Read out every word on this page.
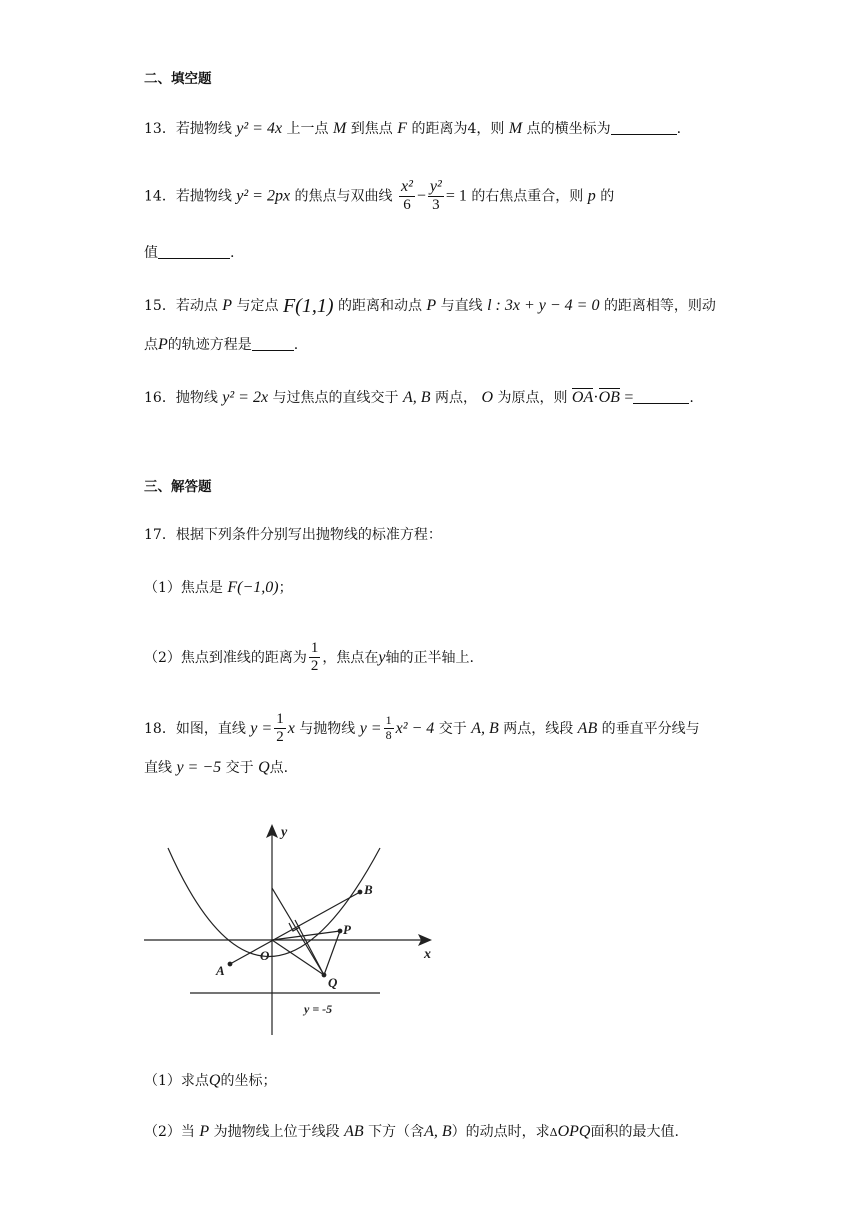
二、填空题
13．若抛物线 y² = 4x 上一点 M 到焦点 F 的距离为4，则 M 点的横坐标为	.
14．若抛物线 y² = 2px 的焦点与双曲线 $\frac{\text{x²}}{6} - \frac{\text{y²}}{3} = 1$ 的右焦点重合，则 p 的
值	.
15．若动点 P 与定点 F(1,1) 的距离和动点 P 与直线 l : 3x + y − 4 = 0 的距离相等，则动
点P的轨迹方程是	.
16．抛物线 y² = 2x 与过焦点的直线交于 A, B 两点， O 为原点，则 OA·OB =	.
三、解答题
17．根据下列条件分别写出抛物线的标准方程：
（1）焦点是 F(−1,0)；
（2）焦点到准线的距离为 $\frac{1}{2}$ ，焦点在y轴的正半轴上.
18．如图，直线 $y = \frac{1}{2}$ x 与抛物线 $y = \frac{1}{8} x^2 - 4$ 交于 A, B 两点，线段 AB 的垂直平分线与
直线 y = −5 交于 Q点.
y
x
O
A
B
P
Q
y = -5
（1）求点Q的坐标；
（2）当 P 为抛物线上位于线段 AB 下方（含A, B）的动点时，求ΔOPQ面积的最大值.
